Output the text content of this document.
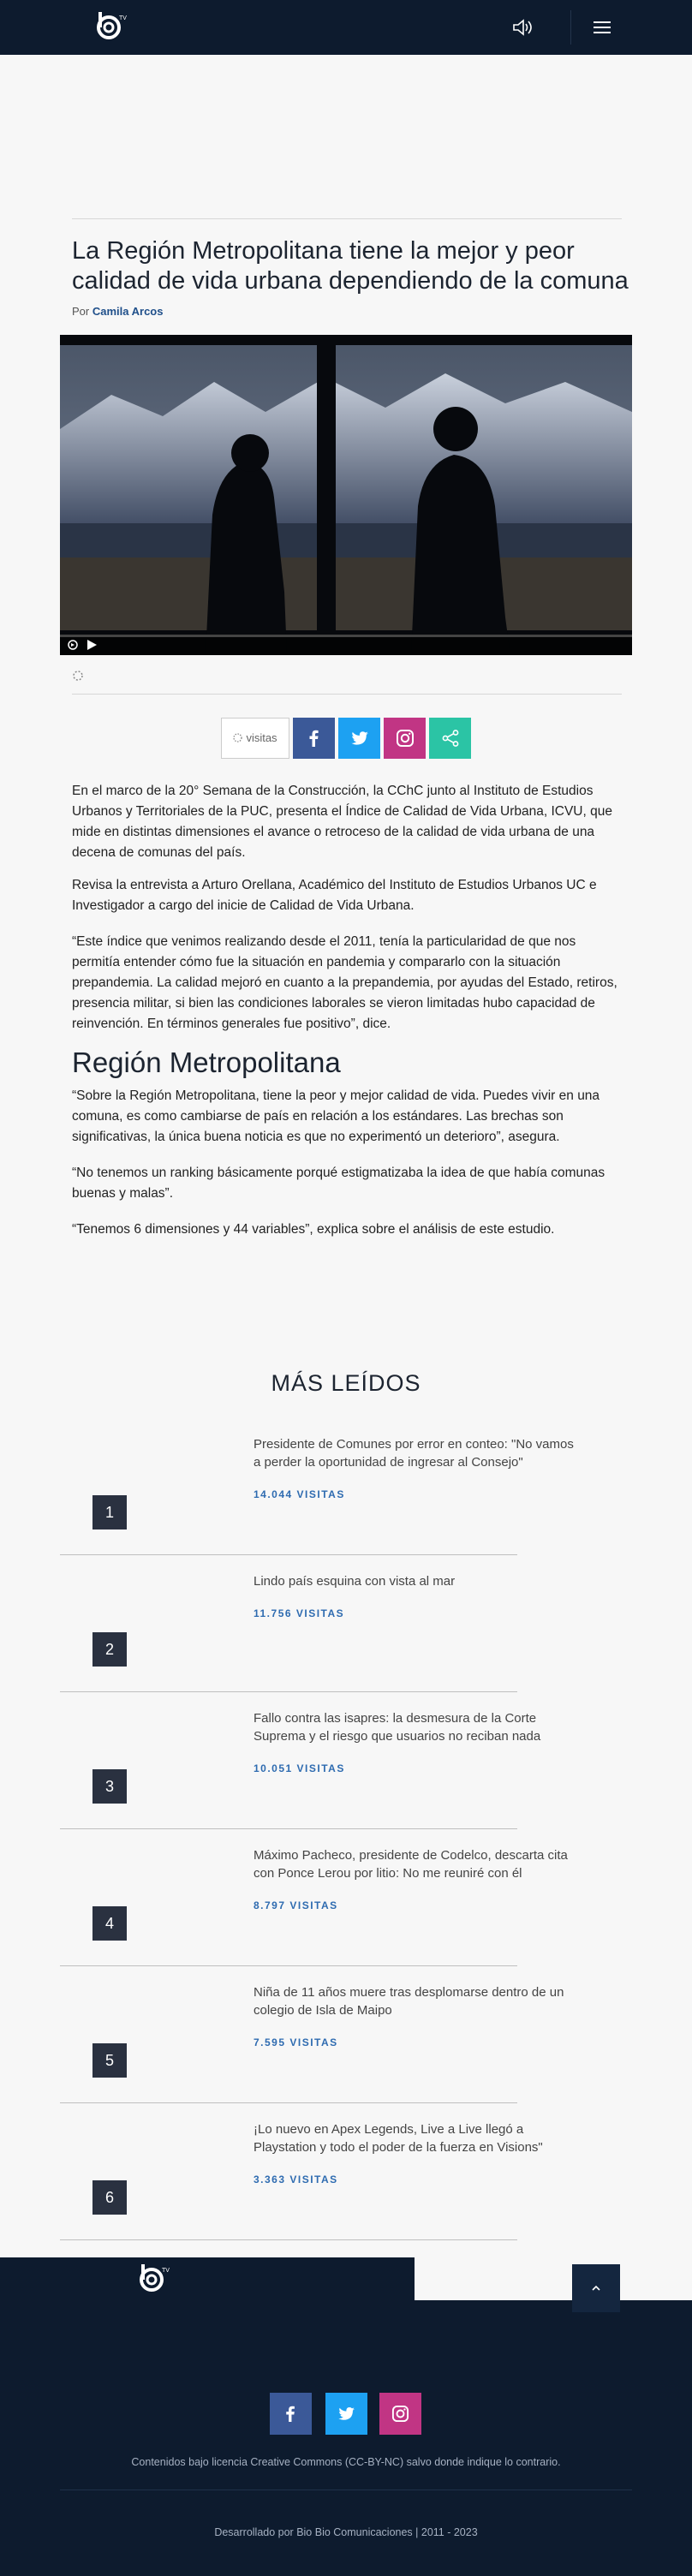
TV
La Región Metropolitana tiene la mejor y peor calidad de vida urbana dependiendo de la comuna
Por Camila Arcos
visitas

En el marco de la 20° Semana de la Construcción, la CChC junto al Instituto de Estudios Urbanos y Territoriales de la PUC, presenta el Índice de Calidad de Vida Urbana, ICVU, que mide en distintas dimensiones el avance o retroceso de la calidad de vida urbana de una decena de comunas del país.

Revisa la entrevista a Arturo Orellana, Académico del Instituto de Estudios Urbanos UC e Investigador a cargo del inicie de Calidad de Vida Urbana.

“Este índice que venimos realizando desde el 2011, tenía la particularidad de que nos permitía entender cómo fue la situación en pandemia y compararlo con la situación prepandemia. La calidad mejoró en cuanto a la prepandemia, por ayudas del Estado, retiros, presencia militar, si bien las condiciones laborales se vieron limitadas hubo capacidad de reinvención. En términos generales fue positivo”, dice.

Región Metropolitana

“Sobre la Región Metropolitana, tiene la peor y mejor calidad de vida. Puedes vivir en una comuna, es como cambiarse de país en relación a los estándares. Las brechas son significativas, la única buena noticia es que no experimentó un deterioro”, asegura.

“No tenemos un ranking básicamente porqué estigmatizaba la idea de que había comunas buenas y malas”.

“Tenemos 6 dimensiones y 44 variables”, explica sobre el análisis de este estudio.

MÁS LEÍDOS
Presidente de Comunes por error en conteo: "No vamos a perder la oportunidad de ingresar al Consejo"
14.044 VISITAS
1
Lindo país esquina con vista al mar
11.756 VISITAS
2
Fallo contra las isapres: la desmesura de la Corte Suprema y el riesgo que usuarios no reciban nada
10.051 VISITAS
3
Máximo Pacheco, presidente de Codelco, descarta cita con Ponce Lerou por litio: No me reuniré con él
8.797 VISITAS
4
Niña de 11 años muere tras desplomarse dentro de un colegio de Isla de Maipo
7.595 VISITAS
5
¡Lo nuevo en Apex Legends, Live a Live llegó a Playstation y todo el poder de la fuerza en Visions"
3.363 VISITAS
6
TV
Contenidos bajo licencia Creative Commons (CC-BY-NC) salvo donde indique lo contrario.
Desarrollado por Bio Bio Comunicaciones | 2011 - 2023
